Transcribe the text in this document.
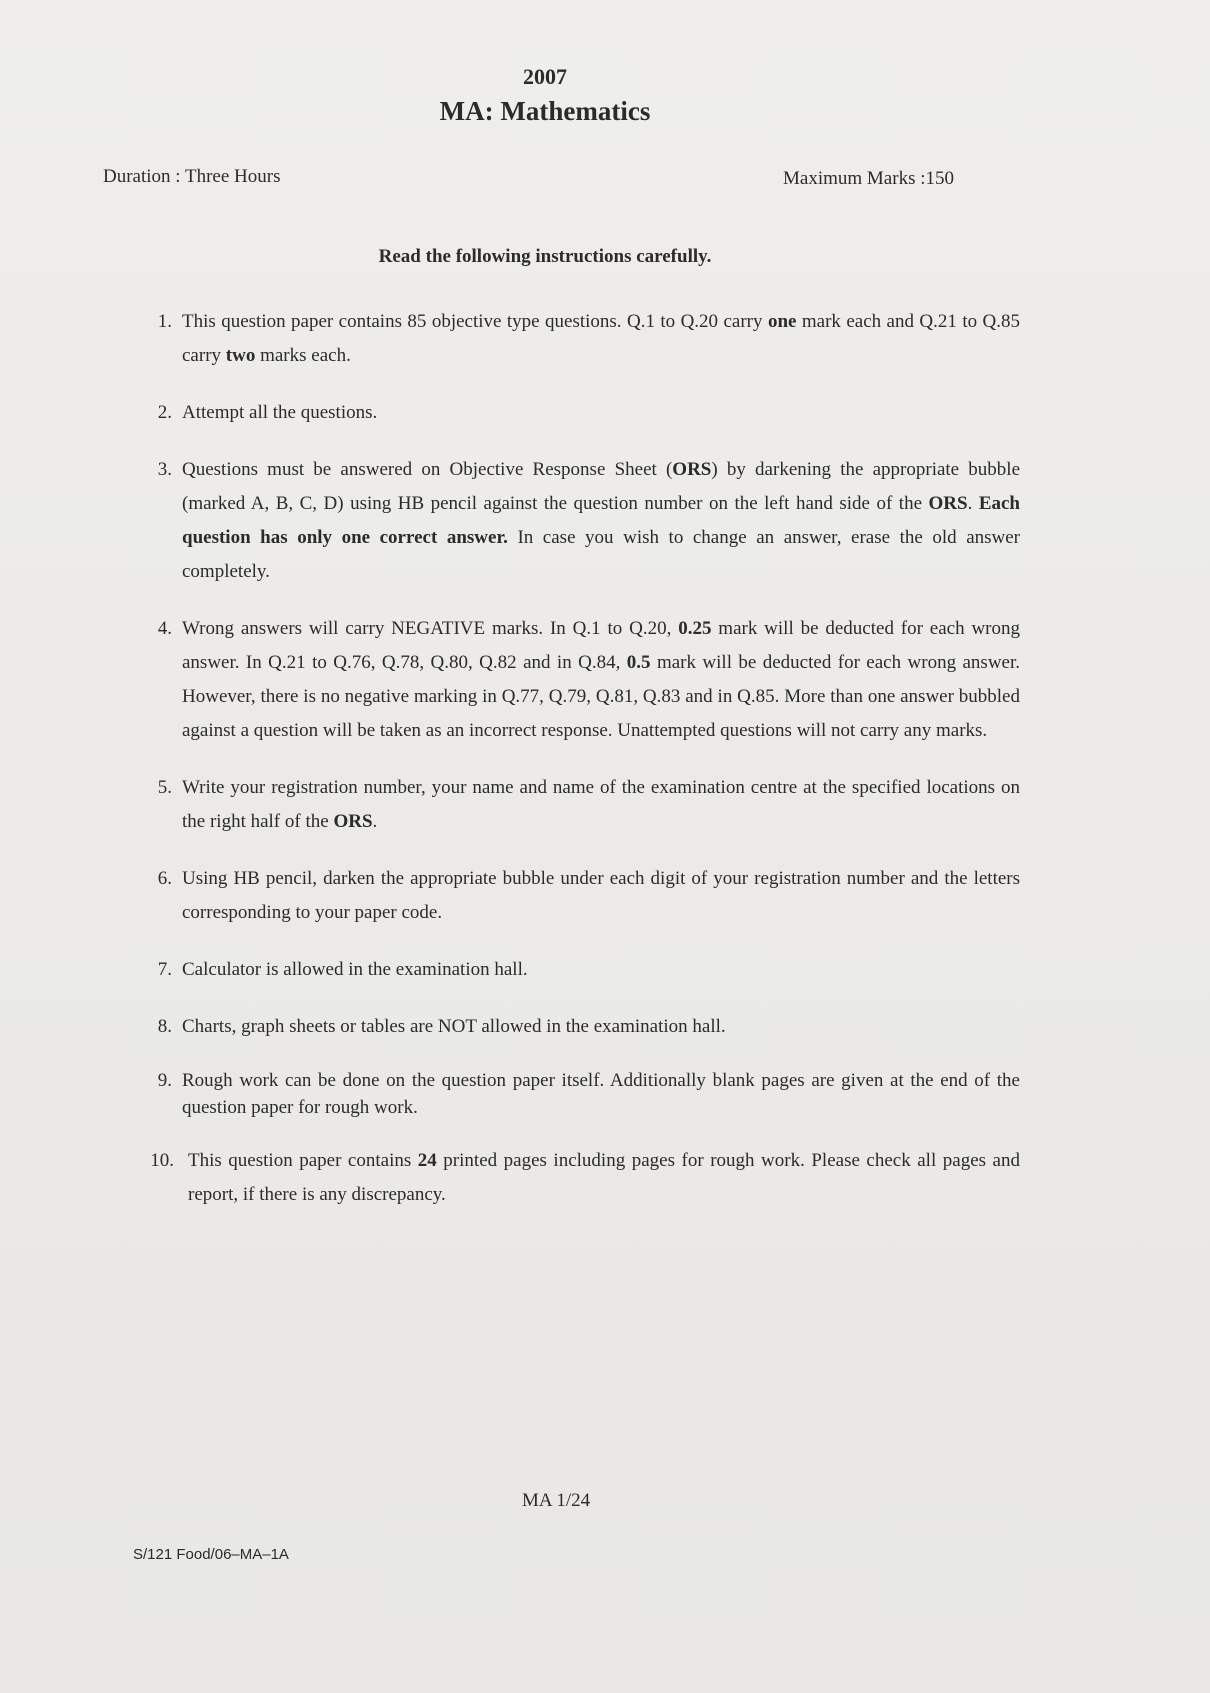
2007
MA: Mathematics
Duration : Three Hours	Maximum Marks :150
Read the following instructions carefully.
1. This question paper contains 85 objective type questions. Q.1 to Q.20 carry one mark each and Q.21 to Q.85 carry two marks each.
2. Attempt all the questions.
3. Questions must be answered on Objective Response Sheet (ORS) by darkening the appropriate bubble (marked A, B, C, D) using HB pencil against the question number on the left hand side of the ORS. Each question has only one correct answer. In case you wish to change an answer, erase the old answer completely.
4. Wrong answers will carry NEGATIVE marks. In Q.1 to Q.20, 0.25 mark will be deducted for each wrong answer. In Q.21 to Q.76, Q.78, Q.80, Q.82 and in Q.84, 0.5 mark will be deducted for each wrong answer. However, there is no negative marking in Q.77, Q.79, Q.81, Q.83 and in Q.85. More than one answer bubbled against a question will be taken as an incorrect response. Unattempted questions will not carry any marks.
5. Write your registration number, your name and name of the examination centre at the specified locations on the right half of the ORS.
6. Using HB pencil, darken the appropriate bubble under each digit of your registration number and the letters corresponding to your paper code.
7. Calculator is allowed in the examination hall.
8. Charts, graph sheets or tables are NOT allowed in the examination hall.
9. Rough work can be done on the question paper itself. Additionally blank pages are given at the end of the question paper for rough work.
10. This question paper contains 24 printed pages including pages for rough work. Please check all pages and report, if there is any discrepancy.
MA 1/24
S/121 Food/06–MA–1A
